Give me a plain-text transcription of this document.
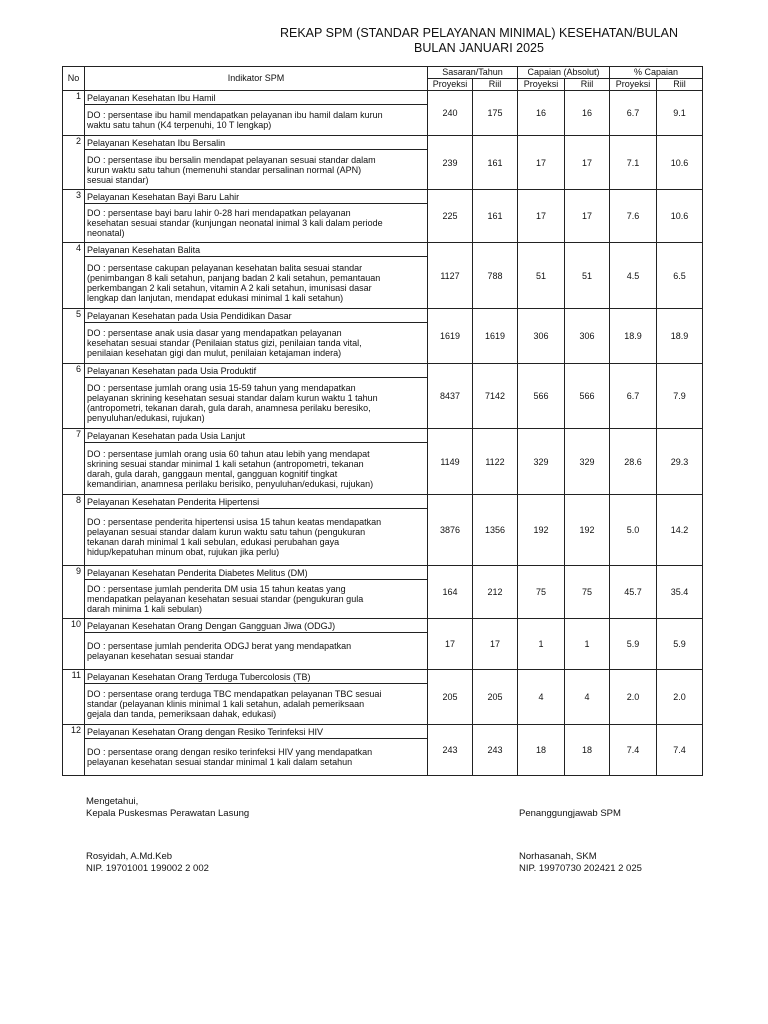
REKAP SPM (STANDAR PELAYANAN MINIMAL) KESEHATAN/BULAN
BULAN JANUARI 2025
No	Indikator SPM	Sasaran/Tahun		Capaian (Absolut)		% Capaian	
		Proyeksi	Riil	Proyeksi	Riil	Proyeksi	Riil
1	Pelayanan Kesehatan Ibu Hamil	240	175	16	16	6.7	9.1

	DO : persentase ibu hamil mendapatkan pelayanan ibu hamil dalam kurun
waktu satu tahun (K4 terpenuhi, 10 T lengkap)						

2	Pelayanan Kesehatan Ibu Bersalin	239	161	17	17	7.1	10.6

	DO : persentase ibu bersalin mendapat pelayanan sesuai standar dalam
kurun waktu satu tahun (memenuhi standar persalinan normal (APN)
sesuai standar)						

3	Pelayanan Kesehatan Bayi Baru Lahir	225	161	17	17	7.6	10.6

	DO : persentase bayi baru lahir 0-28 hari mendapatkan pelayanan
kesehatan sesuai standar (kunjungan neonatal inimal 3 kali dalam periode
neonatal)						

4	Pelayanan Kesehatan Balita	1127	788	51	51	4.5	6.5

	DO : persentase cakupan pelayanan kesehatan balita sesuai standar
(penimbangan 8 kali setahun, panjang badan 2 kali setahun, pemantauan
perkembangan 2 kali setahun, vitamin A 2 kali setahun, imunisasi dasar
lengkap dan lanjutan, mendapat edukasi minimal 1 kali setahun)						

5	Pelayanan Kesehatan pada Usia Pendidikan Dasar	1619	1619	306	306	18.9	18.9

	DO : persentase anak usia dasar yang mendapatkan pelayanan
kesehatan sesuai standar (Penilaian status gizi, penilaian tanda vital,
penilaian kesehatan gigi dan mulut, penilaian ketajaman indera)						

6	Pelayanan Kesehatan pada Usia Produktif	8437	7142	566	566	6.7	7.9

	DO : persentase jumlah orang usia 15-59 tahun yang mendapatkan
pelayanan skrining kesehatan sesuai standar dalam kurun waktu 1 tahun
(antropometri, tekanan darah, gula darah, anamnesa perilaku beresiko,
penyuluhan/edukasi, rujukan)						

7	Pelayanan Kesehatan pada Usia Lanjut	1149	1122	329	329	28.6	29.3

	DO : persentase jumlah orang usia 60 tahun atau lebih yang mendapat
skrining sesuai standar minimal 1 kali setahun (antropometri, tekanan
darah, gula darah, ganggaun mental, gangguan kognitif tingkat
kemandirian, anamnesa perilaku berisiko, penyuluhan/edukasi, rujukan)						

8	Pelayanan Kesehatan Penderita Hipertensi	3876	1356	192	192	5.0	14.2

	DO : persentase penderita hipertensi usisa 15 tahun keatas mendapatkan
pelayanan sesuai standar dalam kurun waktu satu tahun (pengukuran
tekanan darah minimal 1 kali sebulan, edukasi perubahan gaya
hidup/kepatuhan minum obat, rujukan jika perlu)						

9	Pelayanan Kesehatan Penderita Diabetes Melitus (DM)	164	212	75	75	45.7	35.4

	DO : persentase jumlah penderita DM usia 15 tahun keatas yang
mendapatkan pelayanan kesehatan sesuai standar (pengukuran gula
darah minima 1 kali sebulan)						

10	Pelayanan Kesehatan Orang Dengan Gangguan Jiwa (ODGJ)	17	17	1	1	5.9	5.9

	DO : persentase jumlah penderita ODGJ berat yang mendapatkan
pelayanan kesehatan sesuai standar						

11	Pelayanan Kesehatan Orang Terduga Tubercolosis (TB)	205	205	4	4	2.0	2.0

	DO : persentase orang terduga TBC mendapatkan pelayanan TBC sesuai
standar (pelayanan klinis minimal 1 kali setahun, adalah pemeriksaan
gejala dan tanda, pemeriksaan dahak, edukasi)						

12	Pelayanan Kesehatan Orang dengan Resiko Terinfeksi HIV	243	243	18	18	7.4	7.4

	DO : persentase orang dengan resiko terinfeksi HIV yang mendapatkan
pelayanan kesehatan sesuai standar minimal 1 kali dalam setahun						
Mengetahui,
Kepala Puskesmas Perawatan Lasung	Penanggungjawab SPM
Rosyidah, A.Md.Keb
NIP. 19701001 199002 2 002
Norhasanah, SKM
NIP. 19970730 202421 2 025
